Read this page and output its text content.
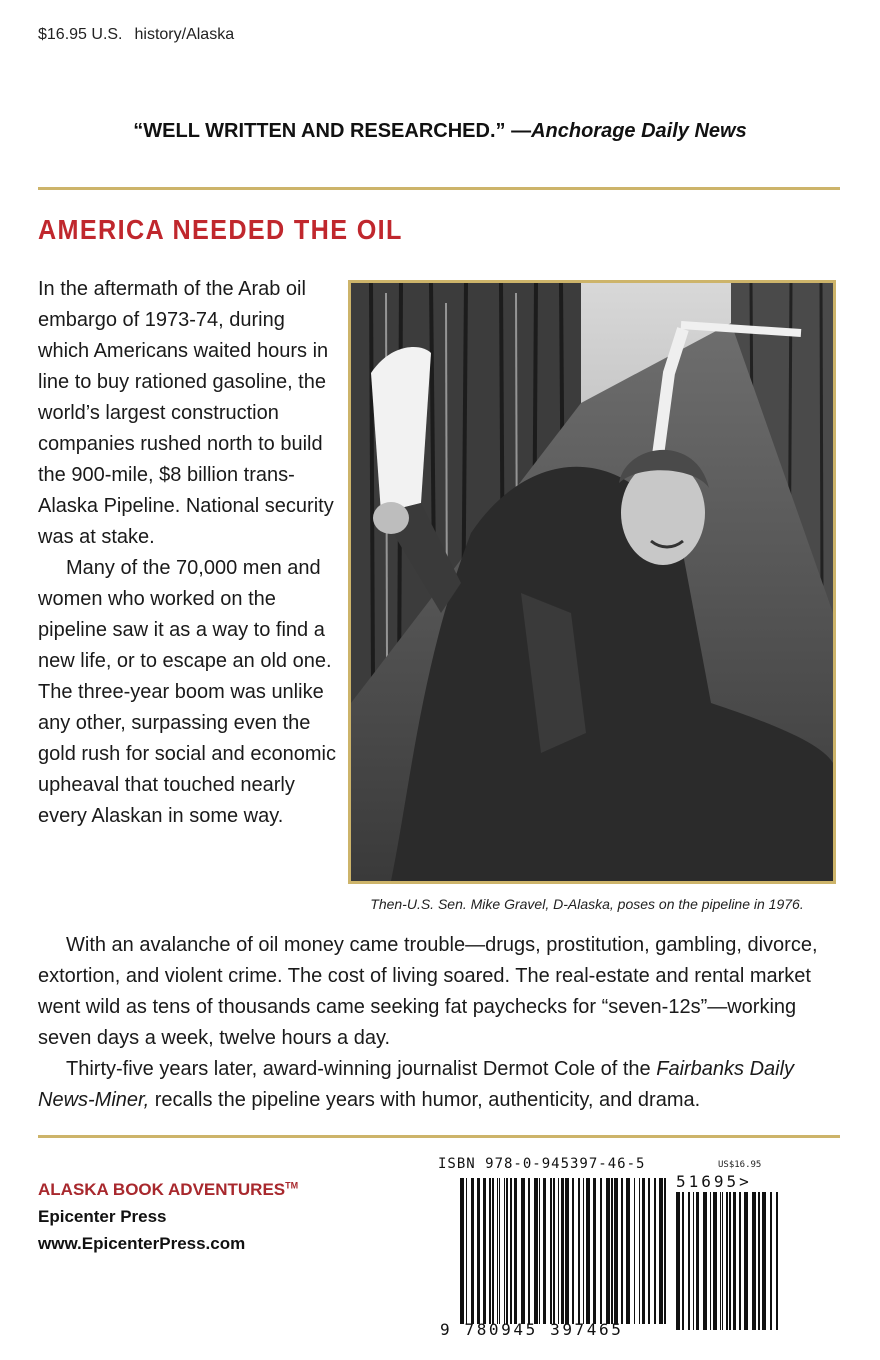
$16.95 U.S. history/Alaska
“WELL WRITTEN AND RESEARCHED.” —Anchorage Daily News
AMERICA NEEDED THE OIL

In the aftermath of the Arab oil embargo of 1973-74, during which Americans waited hours in line to buy rationed gasoline, the world’s largest construction companies rushed north to build the 900-mile, $8 billion trans-Alaska Pipeline. National security was at stake.

Many of the 70,000 men and women who worked on the pipeline saw it as a way to find a new life, or to escape an old one. The three-year boom was unlike any other, surpassing even the gold rush for social and economic upheaval that touched nearly every Alaskan in some way.

Then-U.S. Sen. Mike Gravel, D-Alaska, poses on the pipeline in 1976.

With an avalanche of oil money came trouble—drugs, prostitution, gambling, divorce, extortion, and violent crime. The cost of living soared. The real-estate and rental market went wild as tens of thousands came seeking fat paychecks for “seven-12s”—working seven days a week, twelve hours a day.

Thirty-five years later, award-winning journalist Dermot Cole of the Fairbanks Daily News-Miner, recalls the pipeline years with humor, authenticity, and drama.

ALASKA BOOK ADVENTURES™
Epicenter Press
www.EpicenterPress.com
ISBN 978-0-945397-46-5	US$16.95
51695>
9 780945 397465
